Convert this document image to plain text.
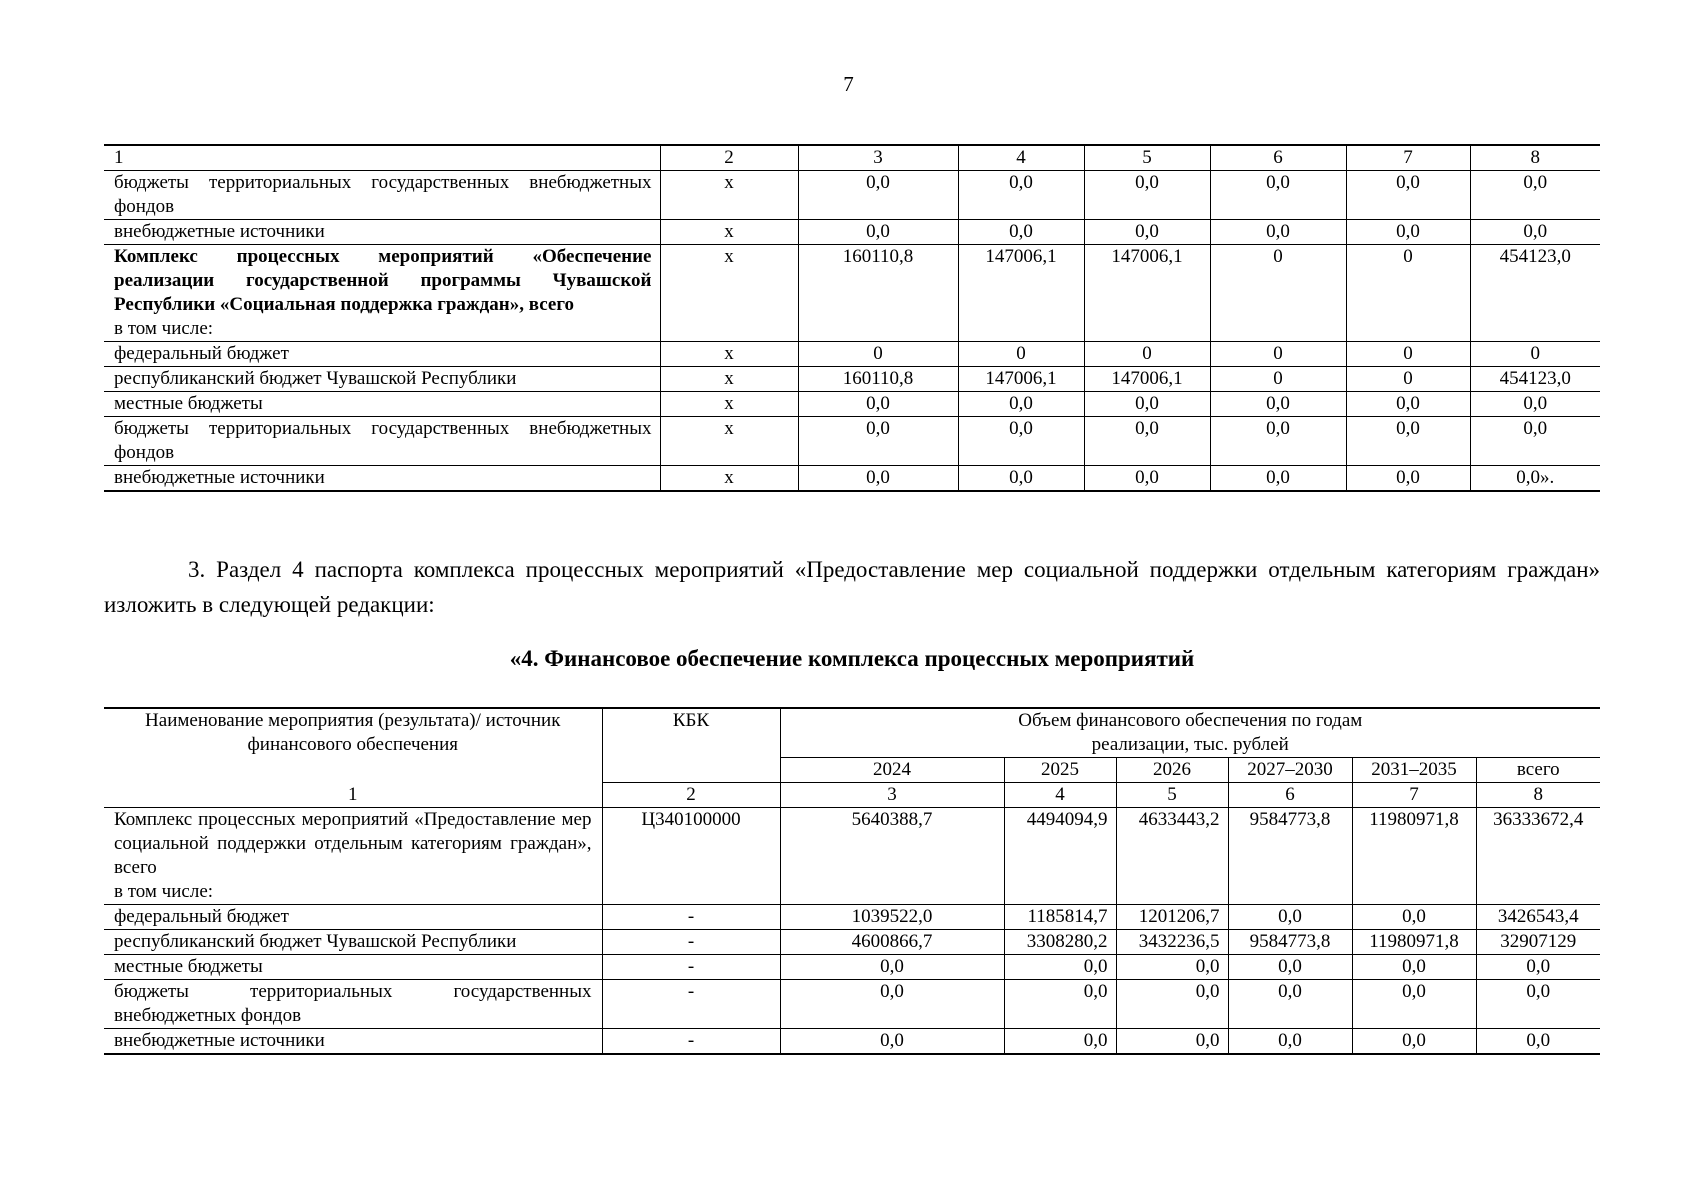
7
1	2	3	4	5	6	7	8
бюджеты территориальных государственных внебюджетных фондов	х	0,0	0,0	0,0	0,0	0,0	0,0
внебюджетные источники	х	0,0	0,0	0,0	0,0	0,0	0,0
Комплекс процессных мероприятий «Обеспечение реализации государственной программы Чувашской Республики «Социальная поддержка граждан», всего
в том числе:	х	160110,8	147006,1	147006,1	0	0	454123,0
федеральный бюджет	х	0	0	0	0	0	0
республиканский бюджет Чувашской Республики	х	160110,8	147006,1	147006,1	0	0	454123,0
местные бюджеты	х	0,0	0,0	0,0	0,0	0,0	0,0
бюджеты территориальных государственных внебюджетных фондов	х	0,0	0,0	0,0	0,0	0,0	0,0
внебюджетные источники	х	0,0	0,0	0,0	0,0	0,0	0,0».
3. Раздел 4 паспорта комплекса процессных мероприятий «Предоставление мер социальной поддержки отдельным категориям граждан» изложить в следующей редакции:
«4. Финансовое обеспечение комплекса процессных мероприятий
Наименование мероприятия (результата)/ источник финансового обеспечения	КБК	Объем финансового обеспечения по годам реализации, тыс. рублей					
		2024	2025	2026	2027–2030	2031–2035	всего
1	2	3	4	5	6	7	8
Комплекс процессных мероприятий «Предоставление мер социальной поддержки отдельным категориям граждан», всего
в том числе:	Ц340100000	5640388,7	4494094,9	4633443,2	9584773,8	11980971,8	36333672,4
федеральный бюджет	-	1039522,0	1185814,7	1201206,7	0,0	0,0	3426543,4
республиканский бюджет Чувашской Республики	-	4600866,7	3308280,2	3432236,5	9584773,8	11980971,8	32907129
местные бюджеты	-	0,0	0,0	0,0	0,0	0,0	0,0
бюджеты территориальных государственных внебюджетных фондов	-	0,0	0,0	0,0	0,0	0,0	0,0
внебюджетные источники	-	0,0	0,0	0,0	0,0	0,0	0,0
